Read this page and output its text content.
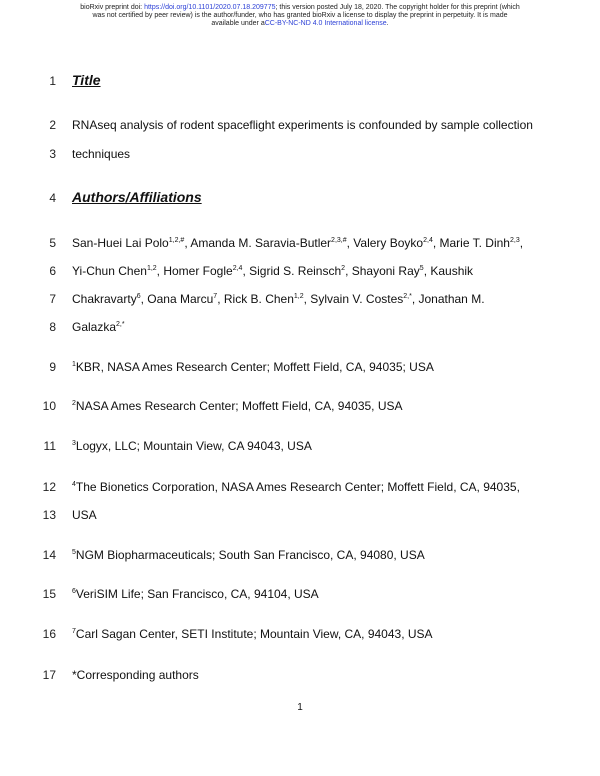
bioRxiv preprint doi: https://doi.org/10.1101/2020.07.18.209775; this version posted July 18, 2020. The copyright holder for this preprint (which
was not certified by peer review) is the author/funder, who has granted bioRxiv a license to display the preprint in perpetuity. It is made
available under aCC-BY-NC-ND 4.0 International license.
1 Title
2 RNAseq analysis of rodent spaceflight experiments is confounded by sample collection
3 techniques
4 Authors/Affiliations
5 San-Huei Lai Polo$^{1,2,\#}$, Amanda M. Saravia-Butler$^{2,3,\#}$, Valery Boyko$^{2,4}$, Marie T. Dinh$^{2,3}$,
6 Yi-Chun Chen$^{1,2}$, Homer Fogle$^{2,4}$, Sigrid S. Reinsch$^2$, Shayoni Ray$^5$, Kaushik
7 Chakravarty$^6$, Oana Marcu$^7$, Rick B. Chen$^{1,2}$, Sylvain V. Costes$^{2,*}$, Jonathan M.
8 Galazka$^{2,*}$
9 $^1$KBR, NASA Ames Research Center; Moffett Field, CA, 94035; USA
10 $^2$NASA Ames Research Center; Moffett Field, CA, 94035, USA
11 $^3$Logyx, LLC; Mountain View, CA 94043, USA
12 $^4$The Bionetics Corporation, NASA Ames Research Center; Moffett Field, CA, 94035,
13 USA
14 $^5$NGM Biopharmaceuticals; South San Francisco, CA, 94080, USA
15 $^6$VeriSIM Life; San Francisco, CA, 94104, USA
16 $^7$Carl Sagan Center, SETI Institute; Mountain View, CA, 94043, USA
17 *Corresponding authors
1
